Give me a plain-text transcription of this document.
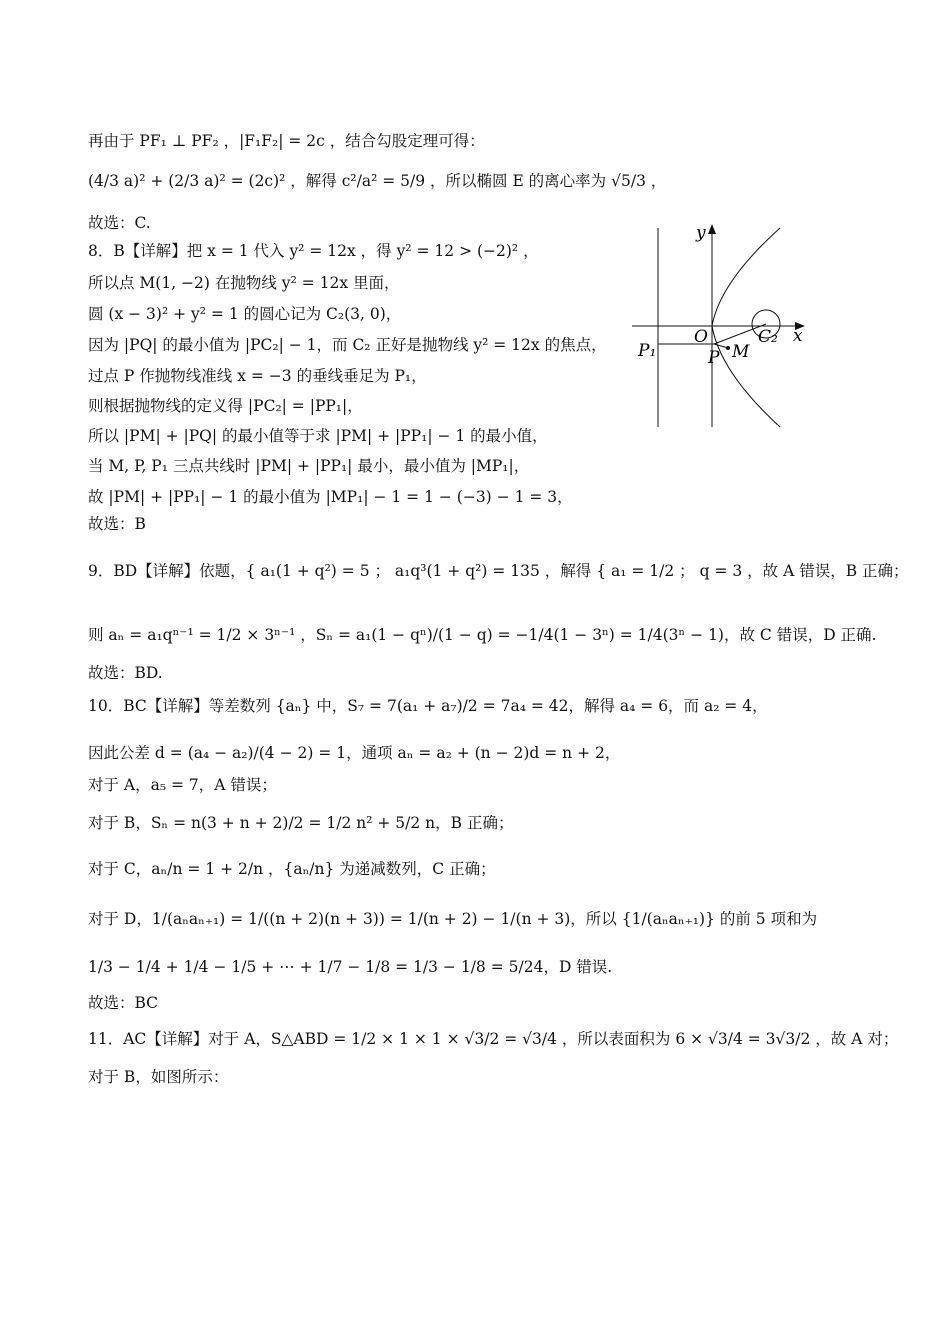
再由于 PF₁ ⊥ PF₂ ，|F₁F₂| = 2c ，结合勾股定理可得：
(4/3 a)² + (2/3 a)² = (2c)² ，解得 c²/a² = 5/9 ，所以椭圆 E 的离心率为 √5/3 ，
故选：C.
8．B【详解】把 x = 1 代入 y² = 12x ，得 y² = 12 > (−2)² ，
所以点 M(1, −2) 在抛物线 y² = 12x 里面，
圆 (x − 3)² + y² = 1 的圆心记为 C₂(3, 0)，
因为 |PQ| 的最小值为 |PC₂| − 1，而 C₂ 正好是抛物线 y² = 12x 的焦点，
过点 P 作抛物线准线 x = −3 的垂线垂足为 P₁，
则根据抛物线的定义得 |PC₂| = |PP₁|，
所以 |PM| + |PQ| 的最小值等于求 |PM| + |PP₁| − 1 的最小值，
当 M, P, P₁ 三点共线时 |PM| + |PP₁| 最小，最小值为 |MP₁|，
故 |PM| + |PP₁| − 1 的最小值为 |MP₁| − 1 = 1 − (−3) − 1 = 3，
故选：B
9．BD【详解】依题，{ a₁(1 + q²) = 5 ； a₁q³(1 + q²) = 135 ，解得 { a₁ = 1/2 ； q = 3 ，故 A 错误，B 正确；
则 aₙ = a₁qⁿ⁻¹ = 1/2 × 3ⁿ⁻¹ ，Sₙ = a₁(1 − qⁿ)/(1 − q) = −1/4(1 − 3ⁿ) = 1/4(3ⁿ − 1)，故 C 错误，D 正确.
故选：BD.
10．BC【详解】等差数列 {aₙ} 中，S₇ = 7(a₁ + a₇)/2 = 7a₄ = 42，解得 a₄ = 6，而 a₂ = 4，
因此公差 d = (a₄ − a₂)/(4 − 2) = 1，通项 aₙ = a₂ + (n − 2)d = n + 2，
对于 A，a₅ = 7，A 错误；
对于 B，Sₙ = n(3 + n + 2)/2 = 1/2 n² + 5/2 n，B 正确；
对于 C，aₙ/n = 1 + 2/n ，{aₙ/n} 为递减数列，C 正确；
对于 D，1/(aₙaₙ₊₁) = 1/((n + 2)(n + 3)) = 1/(n + 2) − 1/(n + 3)，所以 {1/(aₙaₙ₊₁)} 的前 5 项和为
1/3 − 1/4 + 1/4 − 1/5 + ⋯ + 1/7 − 1/8 = 1/3 − 1/8 = 5/24，D 错误.
故选：BC
11．AC【详解】对于 A，S△ABD = 1/2 × 1 × 1 × √3/2 = √3/4 ，所以表面积为 6 × √3/4 = 3√3/2 ，故 A 对；
对于 B，如图所示：
y
x
O
P₁	P M
C₂
